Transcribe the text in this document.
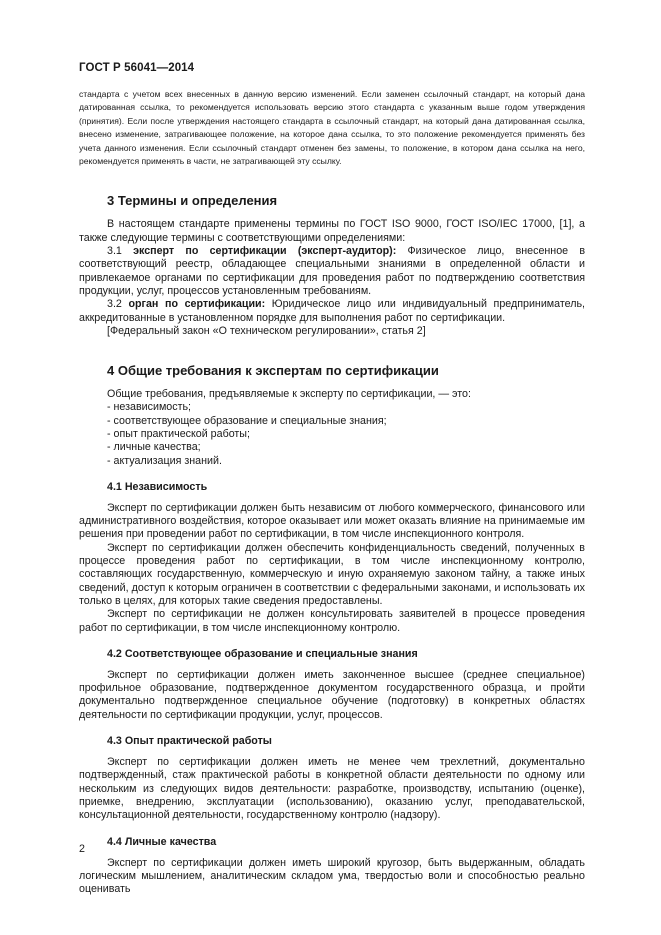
ГОСТ Р 56041—2014

стандарта с учетом всех внесенных в данную версию изменений. Если заменен ссылочный стандарт, на который дана датированная ссылка, то рекомендуется использовать версию этого стандарта с указанным выше годом утверждения (принятия). Если после утверждения настоящего стандарта в ссылочный стандарт, на который дана датированная ссылка, внесено изменение, затрагивающее положение, на которое дана ссылка, то это положение рекомендуется применять без учета данного изменения. Если ссылочный стандарт отменен без замены, то положение, в котором дана ссылка на него, рекомендуется применять в части, не затрагивающей эту ссылку.

3 Термины и определения

В настоящем стандарте применены термины по ГОСТ ISO 9000, ГОСТ ISO/IEC 17000, [1], а также следующие термины с соответствующими определениями:

3.1 эксперт по сертификации (эксперт-аудитор): Физическое лицо, внесенное в соответствующий реестр, обладающее специальными знаниями в определенной области и привлекаемое органами по сертификации для проведения работ по подтверждению соответствия продукции, услуг, процессов установленным требованиям.

3.2 орган по сертификации: Юридическое лицо или индивидуальный предприниматель, аккредитованные в установленном порядке для выполнения работ по сертификации.

[Федеральный закон «О техническом регулировании», статья 2]

4 Общие требования к экспертам по сертификации

Общие требования, предъявляемые к эксперту по сертификации, — это:

- независимость;
- соответствующее образование и специальные знания;
- опыт практической работы;
- личные качества;
- актуализация знаний.
4.1 Независимость

Эксперт по сертификации должен быть независим от любого коммерческого, финансового или административного воздействия, которое оказывает или может оказать влияние на принимаемые им решения при проведении работ по сертификации, в том числе инспекционного контроля.

Эксперт по сертификации должен обеспечить конфиденциальность сведений, полученных в процессе проведения работ по сертификации, в том числе инспекционному контролю, составляющих государственную, коммерческую и иную охраняемую законом тайну, а также иных сведений, доступ к которым ограничен в соответствии с федеральными законами, и использовать их только в целях, для которых такие сведения предоставлены.

Эксперт по сертификации не должен консультировать заявителей в процессе проведения работ по сертификации, в том числе инспекционному контролю.

4.2 Соответствующее образование и специальные знания

Эксперт по сертификации должен иметь законченное высшее (среднее специальное) профильное образование, подтвержденное документом государственного образца, и пройти документально подтвержденное специальное обучение (подготовку) в конкретных областях деятельности по сертификации продукции, услуг, процессов.

4.3 Опыт практической работы

Эксперт по сертификации должен иметь не менее чем трехлетний, документально подтвержденный, стаж практической работы в конкретной области деятельности по одному или нескольким из следующих видов деятельности: разработке, производству, испытанию (оценке), приемке, внедрению, эксплуатации (использованию), оказанию услуг, преподавательской, консультационной деятельности, государственному контролю (надзору).

4.4 Личные качества

Эксперт по сертификации должен иметь широкий кругозор, быть выдержанным, обладать логическим мышлением, аналитическим складом ума, твердостью воли и способностью реально оценивать

2
